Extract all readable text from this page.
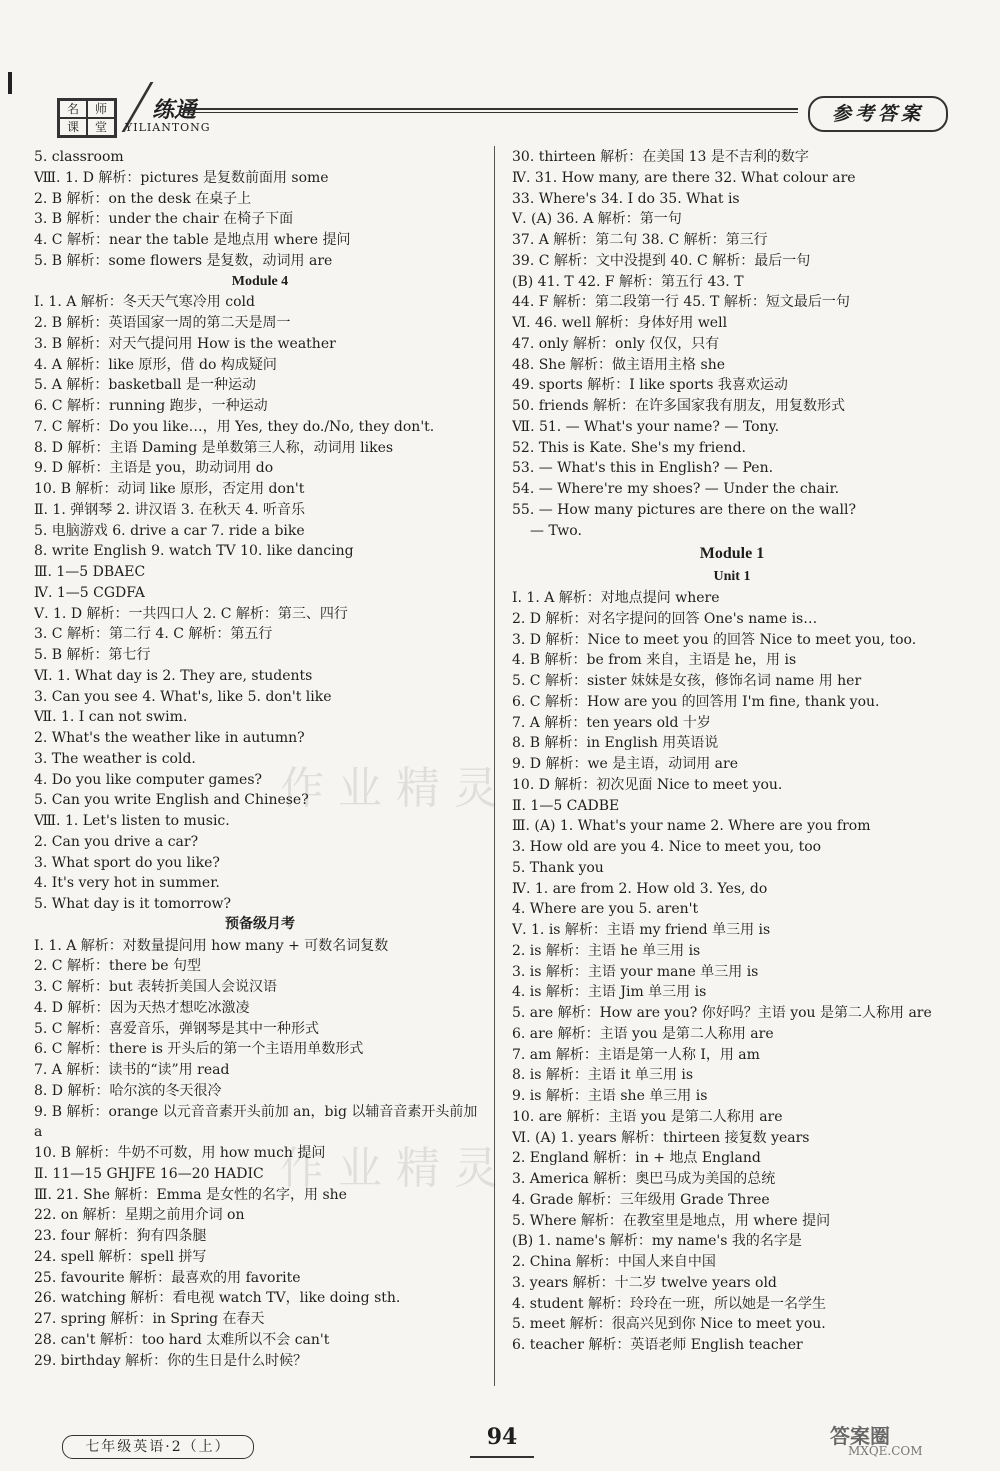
名	师
课	堂
练通
YILIANTONG
参考答案
作业精灵
作业精灵
5. classroom
Ⅷ. 1. D 解析：pictures 是复数前面用 some
2. B 解析：on the desk 在桌子上
3. B 解析：under the chair 在椅子下面
4. C 解析：near the table 是地点用 where 提问
5. B 解析：some flowers 是复数，动词用 are
Module 4
Ⅰ. 1. A 解析：冬天天气寒冷用 cold
2. B 解析：英语国家一周的第二天是周一
3. B 解析：对天气提问用 How is the weather
4. A 解析：like 原形，借 do 构成疑问
5. A 解析：basketball 是一种运动
6. C 解析：running 跑步，一种运动
7. C 解析：Do you like…，用 Yes, they do./No, they don't.
8. D 解析：主语 Daming 是单数第三人称，动词用 likes
9. D 解析：主语是 you，助动词用 do
10. B 解析：动词 like 原形，否定用 don't
Ⅱ. 1. 弹钢琴 2. 讲汉语 3. 在秋天 4. 听音乐
5. 电脑游戏 6. drive a car 7. ride a bike
8. write English 9. watch TV 10. like dancing
Ⅲ. 1—5 DBAEC
Ⅳ. 1—5 CGDFA
Ⅴ. 1. D 解析：一共四口人 2. C 解析：第三、四行
3. C 解析：第二行 4. C 解析：第五行
5. B 解析：第七行
Ⅵ. 1. What day is 2. They are, students
3. Can you see 4. What's, like 5. don't like
Ⅶ. 1. I can not swim.
2. What's the weather like in autumn?
3. The weather is cold.
4. Do you like computer games?
5. Can you write English and Chinese?
Ⅷ. 1. Let's listen to music.
2. Can you drive a car?
3. What sport do you like?
4. It's very hot in summer.
5. What day is it tomorrow?
预备级月考
Ⅰ. 1. A 解析：对数量提问用 how many + 可数名词复数
2. C 解析：there be 句型
3. C 解析：but 表转折美国人会说汉语
4. D 解析：因为天热才想吃冰激凌
5. C 解析：喜爱音乐，弹钢琴是其中一种形式
6. C 解析：there is 开头后的第一个主语用单数形式
7. A 解析：读书的“读”用 read
8. D 解析：哈尔滨的冬天很冷
9. B 解析：orange 以元音音素开头前加 an，big 以辅音音素开头前加 a
10. B 解析：牛奶不可数，用 how much 提问
Ⅱ. 11—15 GHJFE 16—20 HADIC
Ⅲ. 21. She 解析：Emma 是女性的名字，用 she
22. on 解析：星期之前用介词 on
23. four 解析：狗有四条腿
24. spell 解析：spell 拼写
25. favourite 解析：最喜欢的用 favorite
26. watching 解析：看电视 watch TV，like doing sth.
27. spring 解析：in Spring 在春天
28. can't 解析：too hard 太难所以不会 can't
29. birthday 解析：你的生日是什么时候？
30. thirteen 解析：在美国 13 是不吉利的数字
Ⅳ. 31. How many, are there 32. What colour are
33. Where's 34. I do 35. What is
Ⅴ. (A) 36. A 解析：第一句
37. A 解析：第二句 38. C 解析：第三行
39. C 解析：文中没提到 40. C 解析：最后一句
(B) 41. T 42. F 解析：第五行 43. T
44. F 解析：第二段第一行 45. T 解析：短文最后一句
Ⅵ. 46. well 解析：身体好用 well
47. only 解析：only 仅仅，只有
48. She 解析：做主语用主格 she
49. sports 解析：I like sports 我喜欢运动
50. friends 解析：在许多国家我有朋友，用复数形式
Ⅶ. 51. — What's your name? — Tony.
52. This is Kate. She's my friend.
53. — What's this in English? — Pen.
54. — Where're my shoes? — Under the chair.
55. — How many pictures are there on the wall?
— Two.
Module 1
Unit 1
Ⅰ. 1. A 解析：对地点提问 where
2. D 解析：对名字提问的回答 One's name is…
3. D 解析：Nice to meet you 的回答 Nice to meet you, too.
4. B 解析：be from 来自，主语是 he，用 is
5. C 解析：sister 妹妹是女孩，修饰名词 name 用 her
6. C 解析：How are you 的回答用 I'm fine, thank you.
7. A 解析：ten years old 十岁
8. B 解析：in English 用英语说
9. D 解析：we 是主语，动词用 are
10. D 解析：初次见面 Nice to meet you.
Ⅱ. 1—5 CADBE
Ⅲ. (A) 1. What's your name 2. Where are you from
3. How old are you 4. Nice to meet you, too
5. Thank you
Ⅳ. 1. are from 2. How old 3. Yes, do
4. Where are you 5. aren't
Ⅴ. 1. is 解析：主语 my friend 单三用 is
2. is 解析：主语 he 单三用 is
3. is 解析：主语 your mane 单三用 is
4. is 解析：主语 Jim 单三用 is
5. are 解析：How are you? 你好吗？主语 you 是第二人称用 are
6. are 解析：主语 you 是第二人称用 are
7. am 解析：主语是第一人称 I，用 am
8. is 解析：主语 it 单三用 is
9. is 解析：主语 she 单三用 is
10. are 解析：主语 you 是第二人称用 are
Ⅵ. (A) 1. years 解析：thirteen 接复数 years
2. England 解析：in + 地点 England
3. America 解析：奥巴马成为美国的总统
4. Grade 解析：三年级用 Grade Three
5. Where 解析：在教室里是地点，用 where 提问
(B) 1. name's 解析：my name's 我的名字是
2. China 解析：中国人来自中国
3. years 解析：十二岁 twelve years old
4. student 解析：玲玲在一班，所以她是一名学生
5. meet 解析：很高兴见到你 Nice to meet you.
6. teacher 解析：英语老师 English teacher
七年级英语·2（上）	94	答案圈
MXQE.COM
